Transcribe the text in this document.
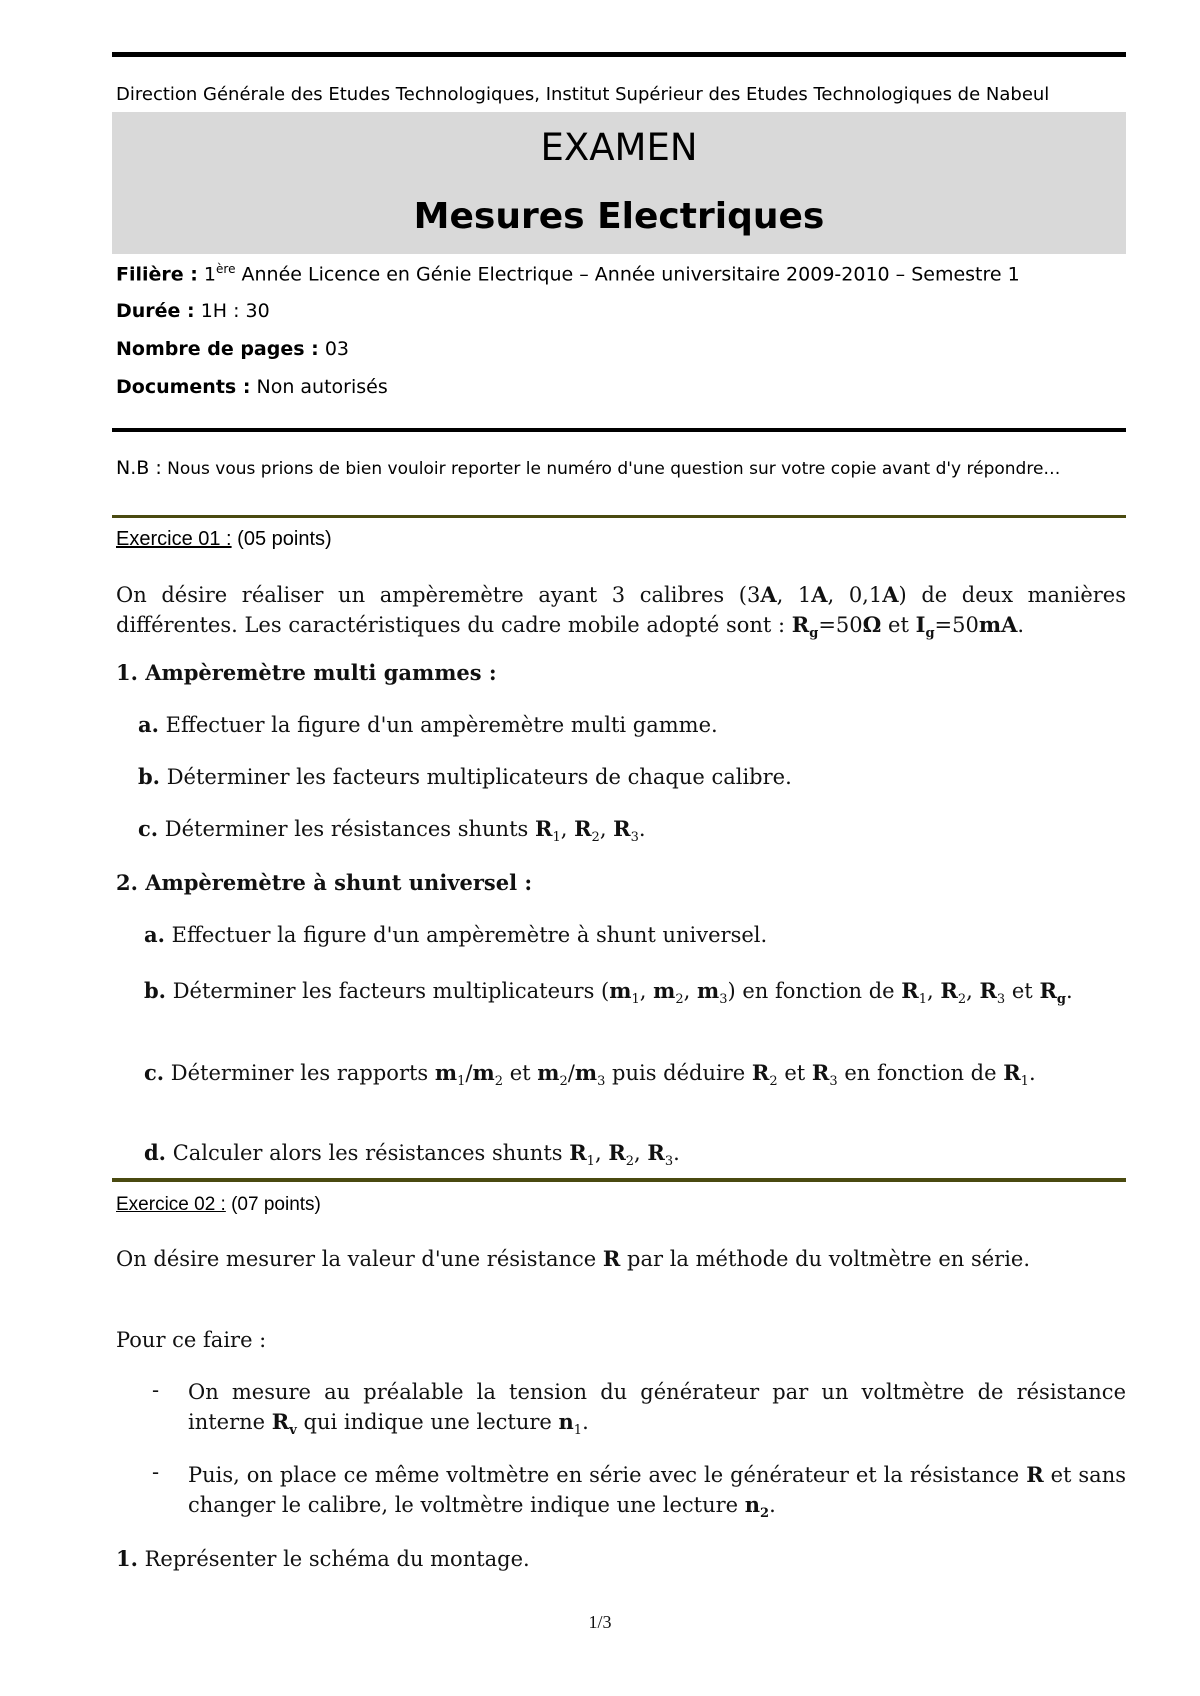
Direction Générale des Etudes Technologiques, Institut Supérieur des Etudes Technologiques de Nabeul
EXAMEN
Mesures Electriques
Filière : 1ère Année Licence en Génie Electrique – Année universitaire 2009-2010 – Semestre 1
Durée : 1H : 30
Nombre de pages : 03
Documents : Non autorisés
N.B : Nous vous prions de bien vouloir reporter le numéro d'une question sur votre copie avant d'y répondre…
Exercice 01 : (05 points)
On désire réaliser un ampèremètre ayant 3 calibres (3A, 1A, 0,1A) de deux manières différentes. Les caractéristiques du cadre mobile adopté sont : $R_g=50\Omega$ et $I_g=50mA$.
1. Ampèremètre multi gammes :
a. Effectuer la figure d'un ampèremètre multi gamme.
b. Déterminer les facteurs multiplicateurs de chaque calibre.
c. Déterminer les résistances shunts $R_1$, $R_2$, $R_3$.
2. Ampèremètre à shunt universel :
a. Effectuer la figure d'un ampèremètre à shunt universel.
b. Déterminer les facteurs multiplicateurs ($m_1$, $m_2$, $m_3$) en fonction de $R_1$, $R_2$, $R_3$ et $R_g$.
c. Déterminer les rapports $m_1/m_2$ et $m_2/m_3$ puis déduire $R_2$ et $R_3$ en fonction de $R_1$.
d. Calculer alors les résistances shunts $R_1$, $R_2$, $R_3$.
Exercice 02 : (07 points)
On désire mesurer la valeur d'une résistance R par la méthode du voltmètre en série.
Pour ce faire :
- On mesure au préalable la tension du générateur par un voltmètre de résistance interne $R_v$ qui indique une lecture $n_1$.
- Puis, on place ce même voltmètre en série avec le générateur et la résistance R et sans changer le calibre, le voltmètre indique une lecture $n_2$.
1. Représenter le schéma du montage.
1/3
